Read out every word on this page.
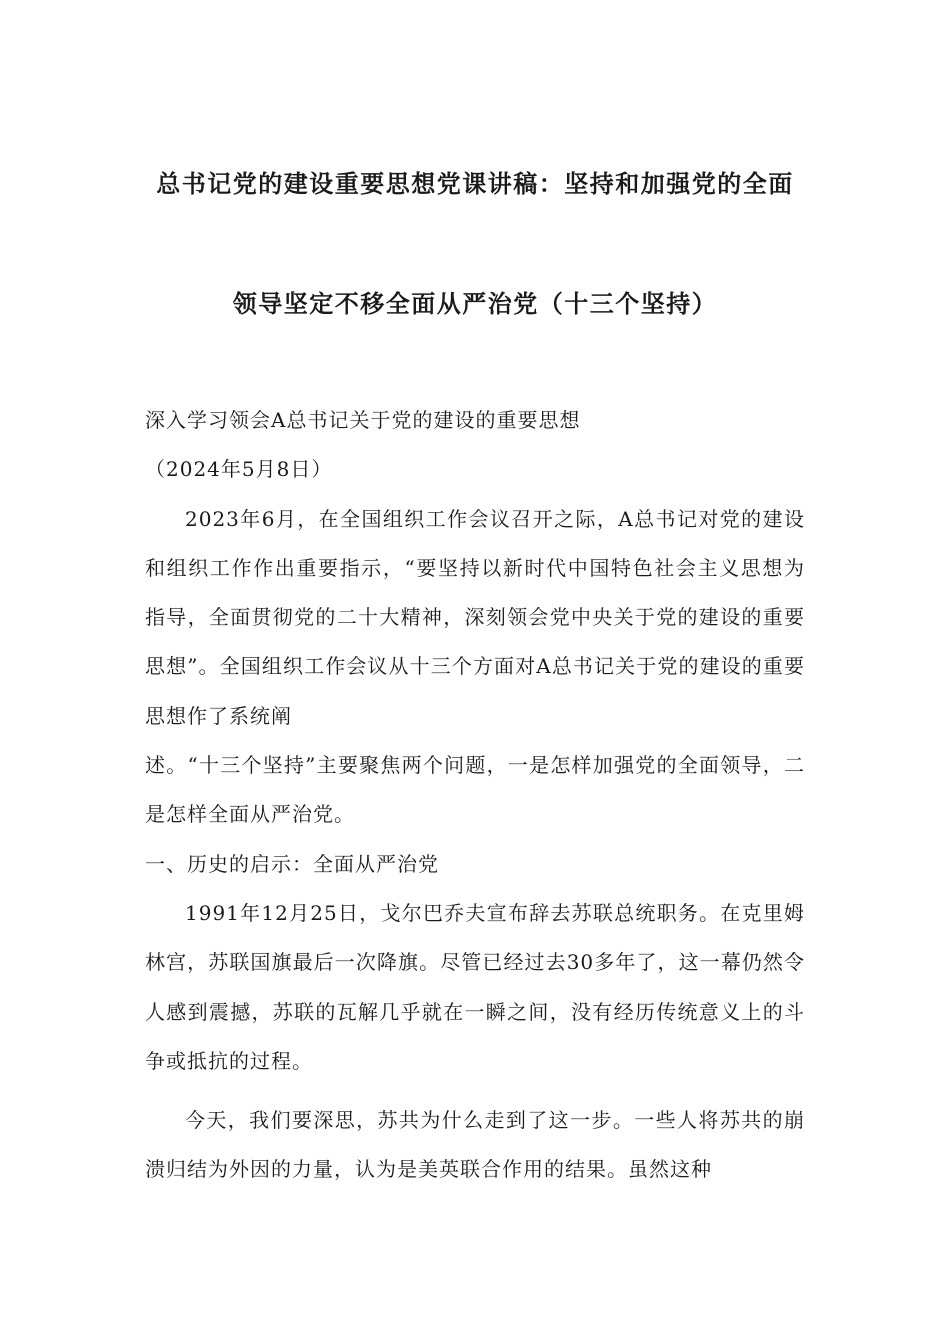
总书记党的建设重要思想党课讲稿：坚持和加强党的全面
领导坚定不移全面从严治党（十三个坚持）

深入学习领会A总书记关于党的建设的重要思想

（2024年5月8日）

2023年6月，在全国组织工作会议召开之际，A总书记对党的建设和组织工作作出重要指示，“要坚持以新时代中国特色社会主义思想为指导，全面贯彻党的二十大精神，深刻领会党中央关于党的建设的重要思想”。全国组织工作会议从十三个方面对A总书记关于党的建设的重要思想作了系统阐

述。“十三个坚持”主要聚焦两个问题，一是怎样加强党的全面领导，二是怎样全面从严治党。

一、历史的启示：全面从严治党

1991年12月25日，戈尔巴乔夫宣布辞去苏联总统职务。在克里姆林宫，苏联国旗最后一次降旗。尽管已经过去30多年了，这一幕仍然令人感到震撼，苏联的瓦解几乎就在一瞬之间，没有经历传统意义上的斗争或抵抗的过程。

今天，我们要深思，苏共为什么走到了这一步。一些人将苏共的崩溃归结为外因的力量，认为是美英联合作用的结果。虽然这种
